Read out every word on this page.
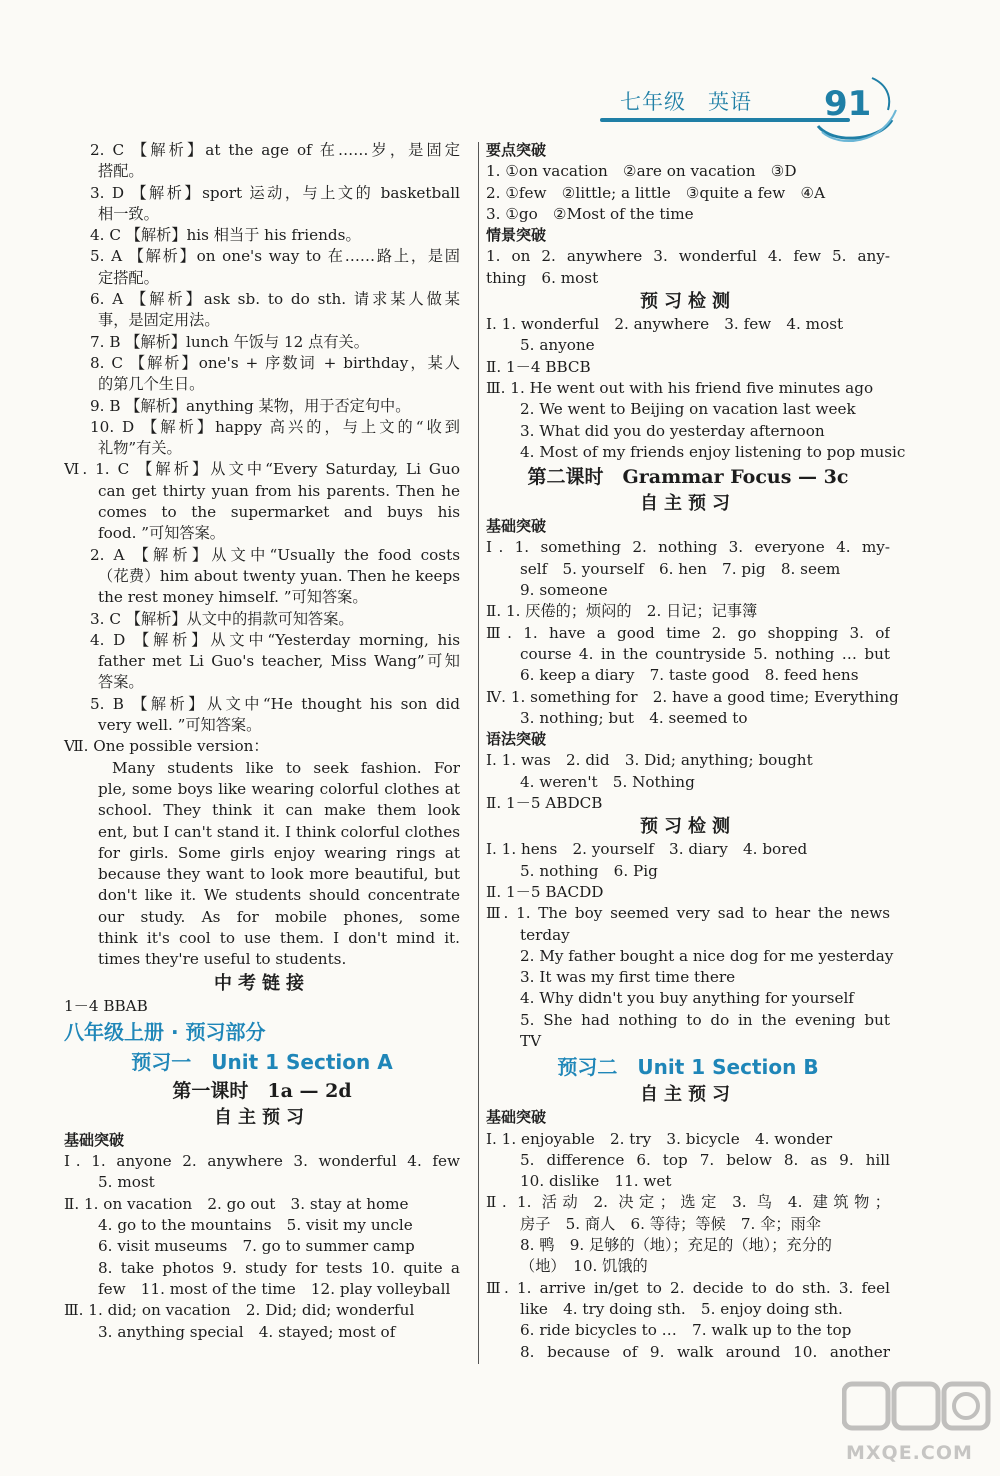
七年级 英语	91
2. C 【解析】at the age of 在……岁，是固定
搭配。
3. D 【解析】sport 运动，与上文的 basketball
相一致。
4. C 【解析】his 相当于 his friends。
5. A 【解析】on one's way to 在……路上，是固
定搭配。
6. A 【解析】ask sb. to do sth. 请求某人做某
事，是固定用法。
7. B 【解析】lunch 午饭与 12 点有关。
8. C 【解析】one's + 序数词 + birthday，某人
的第几个生日。
9. B 【解析】anything 某物，用于否定句中。
10. D 【解析】happy 高兴的，与上文的“收到
礼物”有关。
Ⅵ. 1. C 【解析】从文中“Every Saturday, Li Guo
can get thirty yuan from his parents. Then he
comes to the supermarket and buys his
food. ”可知答案。
2. A 【解析】从文中“Usually the food costs
（花费）him about twenty yuan. Then he keeps
the rest money himself. ”可知答案。
3. C 【解析】从文中的捐款可知答案。
4. D 【解析】从文中“Yesterday morning, his
father met Li Guo's teacher, Miss Wang”可知
答案。
5. B 【解析】从文中“He thought his son did
very well. ”可知答案。
Ⅶ. One possible version：
Many students like to seek fashion. For
ple, some boys like wearing colorful clothes at
school. They think it can make them look
ent, but I can't stand it. I think colorful clothes
for girls. Some girls enjoy wearing rings at
because they want to look more beautiful, but
don't like it. We students should concentrate
our study. As for mobile phones, some
think it's cool to use them. I don't mind it.
times they're useful to students.
中考链接
1－4 BBAB
八年级上册 · 预习部分
预习一　Unit 1 Section A
第一课时　1a — 2d
自主预习
基础突破
Ⅰ. 1. anyone 2. anywhere 3. wonderful 4. few
5. most
Ⅱ. 1. on vacation　2. go out　3. stay at home
4. go to the mountains　5. visit my uncle
6. visit museums　7. go to summer camp
8. take photos 9. study for tests 10. quite a
few　11. most of the time　12. play volleyball
Ⅲ. 1. did; on vacation　2. Did; did; wonderful
3. anything special　4. stayed; most of
要点突破
1. ①on vacation　②are on vacation　③D
2. ①few　②little; a little　③quite a few　④A
3. ①go　②Most of the time
情景突破
1. on 2. anywhere 3. wonderful 4. few 5. any-
thing　6. most
预习检测
Ⅰ. 1. wonderful　2. anywhere　3. few　4. most
5. anyone
Ⅱ. 1－4 BBCB
Ⅲ. 1. He went out with his friend five minutes ago
2. We went to Beijing on vacation last week
3. What did you do yesterday afternoon
4. Most of my friends enjoy listening to pop music
第二课时　Grammar Focus — 3c
自主预习
基础突破
Ⅰ. 1. something 2. nothing 3. everyone 4. my-
self　5. yourself　6. hen　7. pig　8. seem
9. someone
Ⅱ. 1. 厌倦的；烦闷的　2. 日记；记事簿
Ⅲ. 1. have a good time 2. go shopping 3. of
course 4. in the countryside 5. nothing … but
6. keep a diary　7. taste good　8. feed hens
Ⅳ. 1. something for　2. have a good time; Everything
3. nothing; but　4. seemed to
语法突破
Ⅰ. 1. was　2. did　3. Did; anything; bought
4. weren't　5. Nothing
Ⅱ. 1－5 ABDCB
预习检测
Ⅰ. 1. hens　2. yourself　3. diary　4. bored
5. nothing　6. Pig
Ⅱ. 1－5 BACDD
Ⅲ. 1. The boy seemed very sad to hear the news
terday
2. My father bought a nice dog for me yesterday
3. It was my first time there
4. Why didn't you buy anything for yourself
5. She had nothing to do in the evening but
TV
预习二　Unit 1 Section B
自主预习
基础突破
Ⅰ. 1. enjoyable　2. try　3. bicycle　4. wonder
5. difference 6. top 7. below 8. as 9. hill
10. dislike　11. wet
Ⅱ. 1. 活动 2. 决定；选定 3. 鸟 4. 建筑物；
房子　5. 商人　6. 等待；等候　7. 伞；雨伞
8. 鸭　9. 足够的（地）；充足的（地）；充分的
（地）　10. 饥饿的
Ⅲ. 1. arrive in/get to 2. decide to do sth. 3. feel
like　4. try doing sth.　5. enjoy doing sth.
6. ride bicycles to …　7. walk up to the top
8. because of 9. walk around 10. another
MXQE.COM
